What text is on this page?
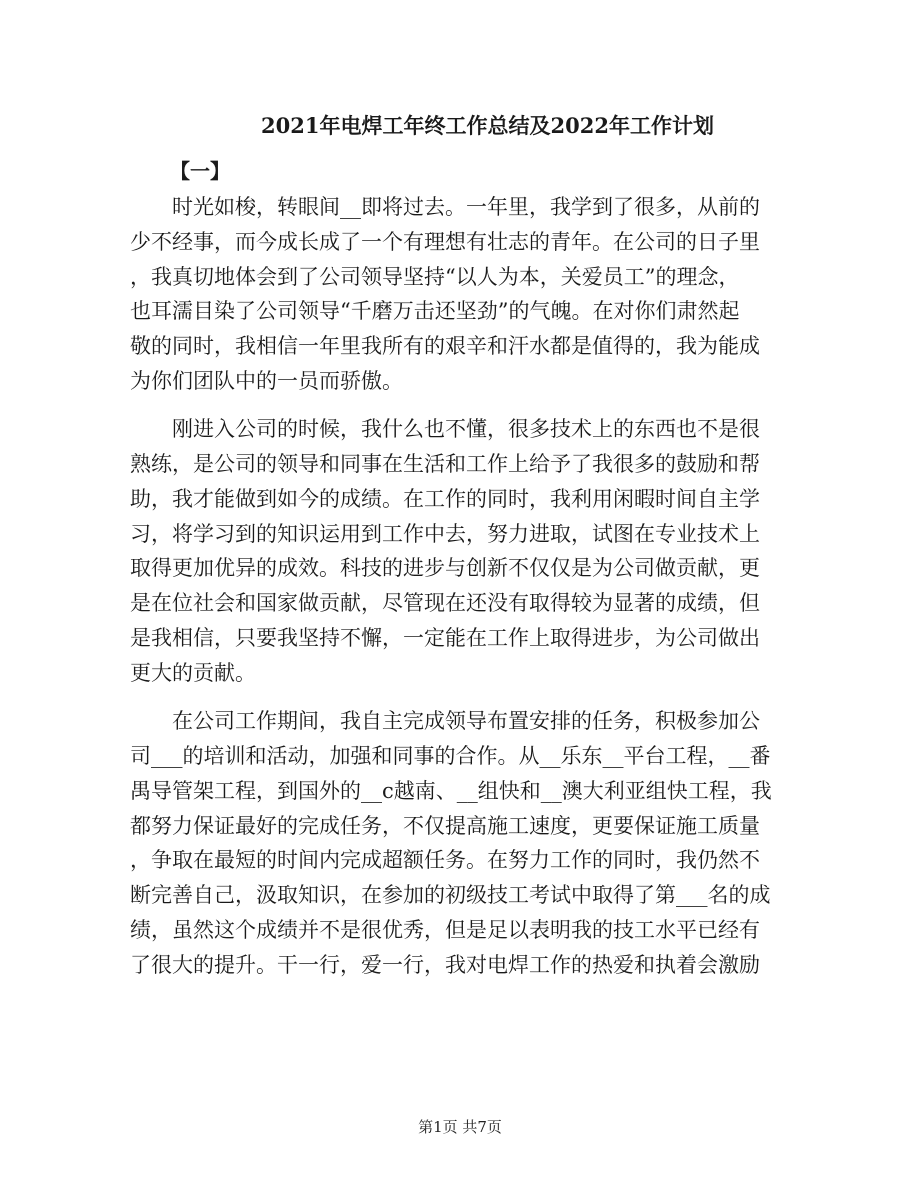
2021年电焊工年终工作总结及2022年工作计划
【一】
时光如梭，转眼间__即将过去。一年里，我学到了很多，从前的
少不经事，而今成长成了一个有理想有壮志的青年。在公司的日子里
，我真切地体会到了公司领导坚持“以人为本，关爱员工”的理念，
也耳濡目染了公司领导“千磨万击还坚劲”的气魄。在对你们肃然起
敬的同时，我相信一年里我所有的艰辛和汗水都是值得的，我为能成
为你们团队中的一员而骄傲。
刚进入公司的时候，我什么也不懂，很多技术上的东西也不是很
熟练，是公司的领导和同事在生活和工作上给予了我很多的鼓励和帮
助，我才能做到如今的成绩。在工作的同时，我利用闲暇时间自主学
习，将学习到的知识运用到工作中去，努力进取，试图在专业技术上
取得更加优异的成效。科技的进步与创新不仅仅是为公司做贡献，更
是在位社会和国家做贡献，尽管现在还没有取得较为显著的成绩，但
是我相信，只要我坚持不懈，一定能在工作上取得进步，为公司做出
更大的贡献。
在公司工作期间，我自主完成领导布置安排的任务，积极参加公
司___的培训和活动，加强和同事的合作。从__乐东__平台工程，__番
禺导管架工程，到国外的__c越南、__组快和__澳大利亚组快工程，我
都努力保证最好的完成任务，不仅提高施工速度，更要保证施工质量
，争取在最短的时间内完成超额任务。在努力工作的同时，我仍然不
断完善自己，汲取知识，在参加的初级技工考试中取得了第___名的成
绩，虽然这个成绩并不是很优秀，但是足以表明我的技工水平已经有
了很大的提升。干一行，爱一行，我对电焊工作的热爱和执着会激励
第1页 共7页
